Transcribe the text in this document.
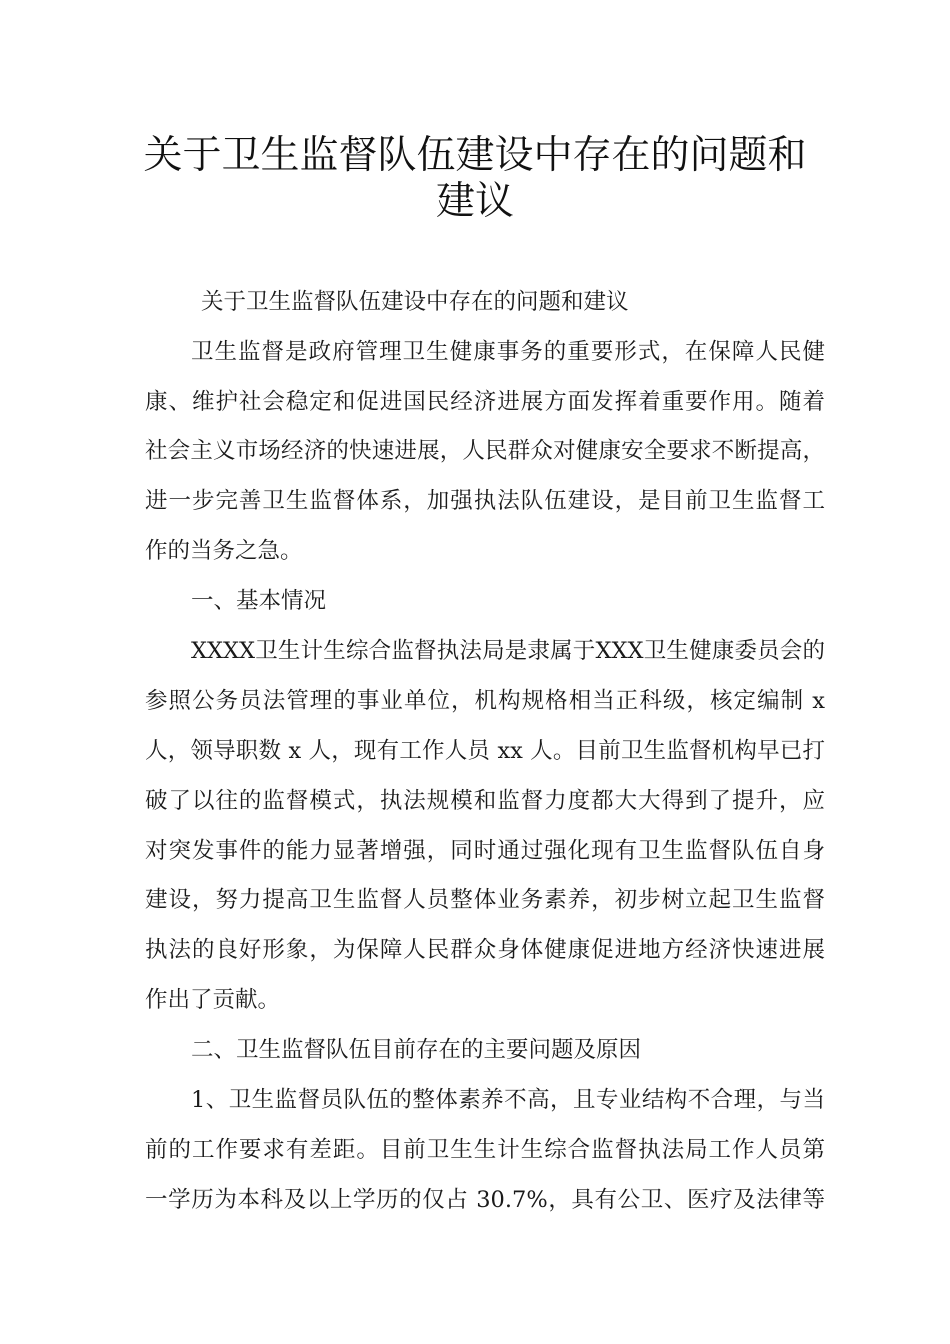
关于卫生监督队伍建设中存在的问题和
建议
关于卫生监督队伍建设中存在的问题和建议
卫生监督是政府管理卫生健康事务的重要形式，在保障人民健
康、维护社会稳定和促进国民经济进展方面发挥着重要作用。随着
社会主义市场经济的快速进展，人民群众对健康安全要求不断提高，
进一步完善卫生监督体系，加强执法队伍建设，是目前卫生监督工
作的当务之急。
一、基本情况
XXXX卫生计生综合监督执法局是隶属于XXX卫生健康委员会的
参照公务员法管理的事业单位，机构规格相当正科级，核定编制 x
人，领导职数 x 人，现有工作人员 xx 人。目前卫生监督机构早已打
破了以往的监督模式，执法规模和监督力度都大大得到了提升，应
对突发事件的能力显著增强，同时通过强化现有卫生监督队伍自身
建设，努力提高卫生监督人员整体业务素养，初步树立起卫生监督
执法的良好形象，为保障人民群众身体健康促进地方经济快速进展
作出了贡献。
二、卫生监督队伍目前存在的主要问题及原因
1、卫生监督员队伍的整体素养不高，且专业结构不合理，与当
前的工作要求有差距。目前卫生生计生综合监督执法局工作人员第
一学历为本科及以上学历的仅占 30.7%，具有公卫、医疗及法律等
